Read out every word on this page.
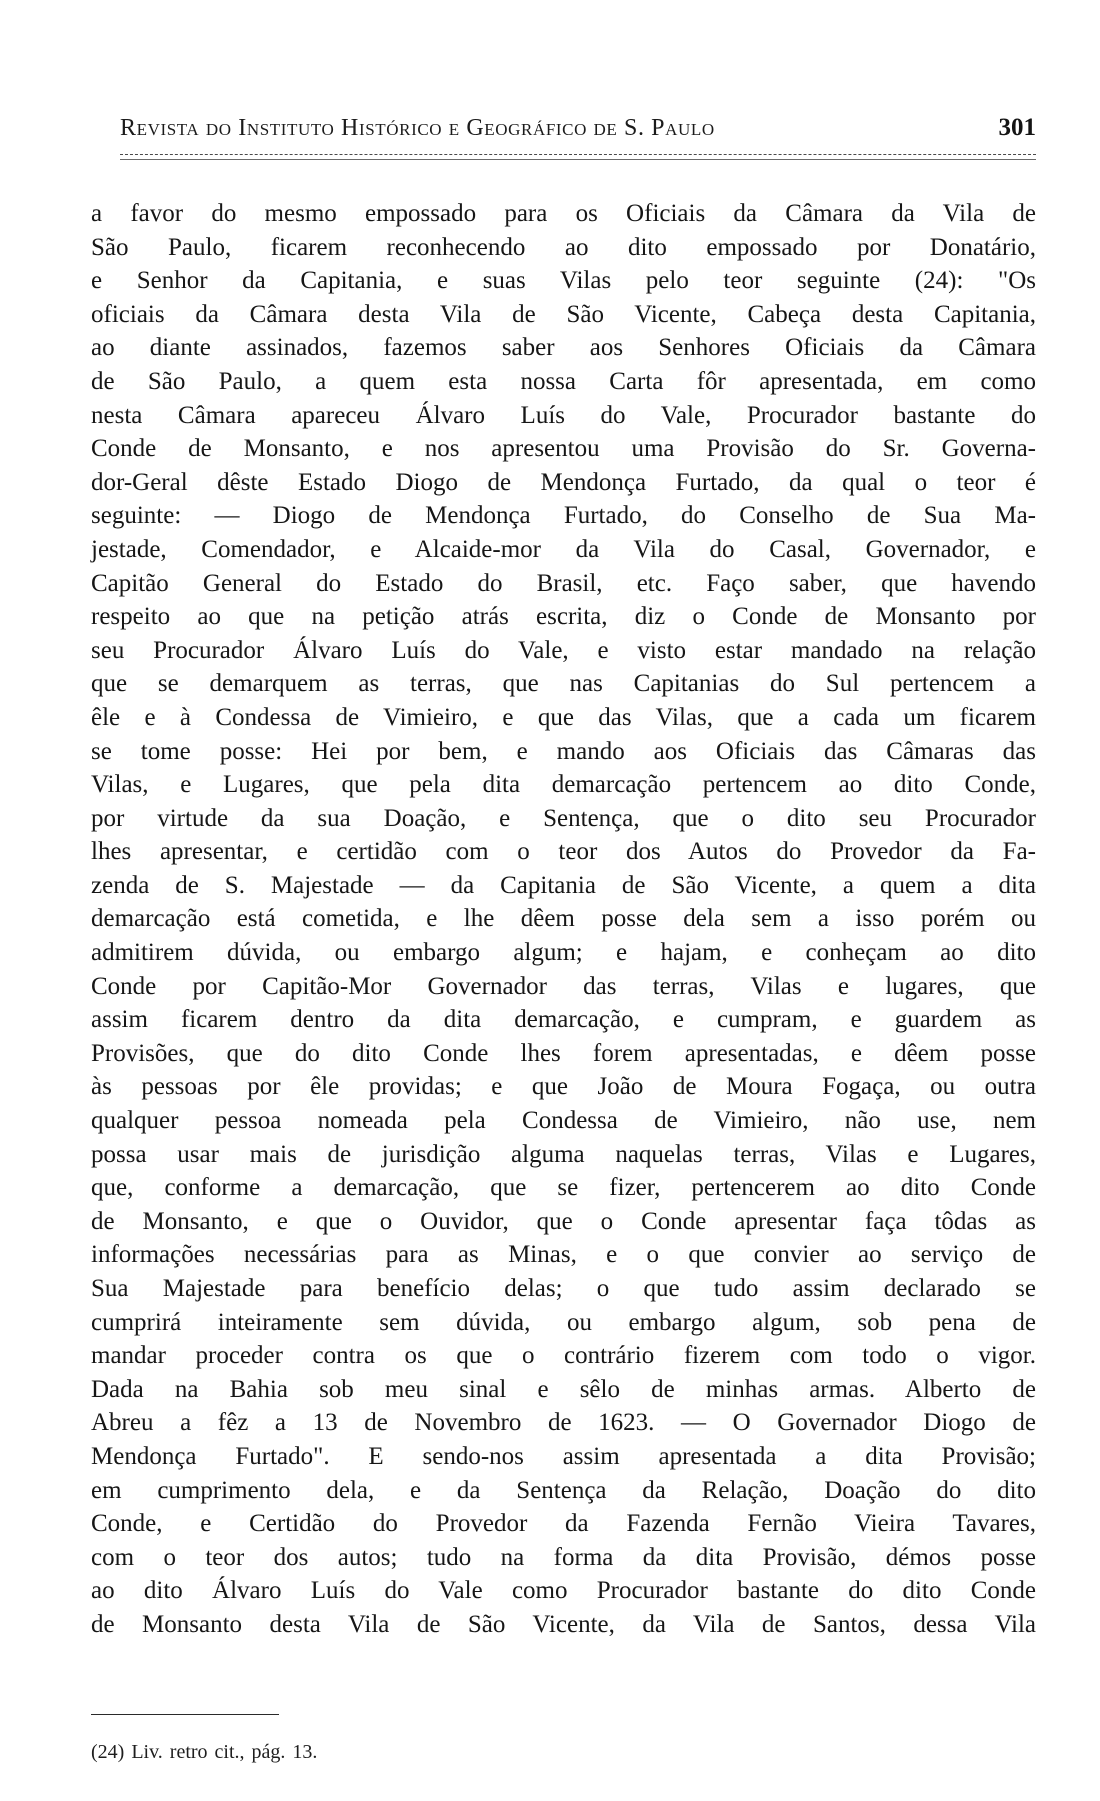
Revista do Instituto Histórico e Geográfico de S. Paulo	301
a favor do mesmo empossado para os Oficiais da Câmara da Vila de
São Paulo, ficarem reconhecendo ao dito empossado por Donatário,
e Senhor da Capitania, e suas Vilas pelo teor seguinte (24): "Os
oficiais da Câmara desta Vila de São Vicente, Cabeça desta Capitania,
ao diante assinados, fazemos saber aos Senhores Oficiais da Câmara
de São Paulo, a quem esta nossa Carta fôr apresentada, em como
nesta Câmara apareceu Álvaro Luís do Vale, Procurador bastante do
Conde de Monsanto, e nos apresentou uma Provisão do Sr. Governa-
dor-Geral dêste Estado Diogo de Mendonça Furtado, da qual o teor é
seguinte: — Diogo de Mendonça Furtado, do Conselho de Sua Ma-
jestade, Comendador, e Alcaide-mor da Vila do Casal, Governador, e
Capitão General do Estado do Brasil, etc. Faço saber, que havendo
respeito ao que na petição atrás escrita, diz o Conde de Monsanto por
seu Procurador Álvaro Luís do Vale, e visto estar mandado na relação
que se demarquem as terras, que nas Capitanias do Sul pertencem a
êle e à Condessa de Vimieiro, e que das Vilas, que a cada um ficarem
se tome posse: Hei por bem, e mando aos Oficiais das Câmaras das
Vilas, e Lugares, que pela dita demarcação pertencem ao dito Conde,
por virtude da sua Doação, e Sentença, que o dito seu Procurador
lhes apresentar, e certidão com o teor dos Autos do Provedor da Fa-
zenda de S. Majestade — da Capitania de São Vicente, a quem a dita
demarcação está cometida, e lhe dêem posse dela sem a isso porém ou
admitirem dúvida, ou embargo algum; e hajam, e conheçam ao dito
Conde por Capitão-Mor Governador das terras, Vilas e lugares, que
assim ficarem dentro da dita demarcação, e cumpram, e guardem as
Provisões, que do dito Conde lhes forem apresentadas, e dêem posse
às pessoas por êle providas; e que João de Moura Fogaça, ou outra
qualquer pessoa nomeada pela Condessa de Vimieiro, não use, nem
possa usar mais de jurisdição alguma naquelas terras, Vilas e Lugares,
que, conforme a demarcação, que se fizer, pertencerem ao dito Conde
de Monsanto, e que o Ouvidor, que o Conde apresentar faça tôdas as
informações necessárias para as Minas, e o que convier ao serviço de
Sua Majestade para benefício delas; o que tudo assim declarado se
cumprirá inteiramente sem dúvida, ou embargo algum, sob pena de
mandar proceder contra os que o contrário fizerem com todo o vigor.
Dada na Bahia sob meu sinal e sêlo de minhas armas. Alberto de
Abreu a fêz a 13 de Novembro de 1623. — O Governador Diogo de
Mendonça Furtado". E sendo-nos assim apresentada a dita Provisão;
em cumprimento dela, e da Sentença da Relação, Doação do dito
Conde, e Certidão do Provedor da Fazenda Fernão Vieira Tavares,
com o teor dos autos; tudo na forma da dita Provisão, démos posse
ao dito Álvaro Luís do Vale como Procurador bastante do dito Conde
de Monsanto desta Vila de São Vicente, da Vila de Santos, dessa Vila
(24) Liv. retro cit., pág. 13.
